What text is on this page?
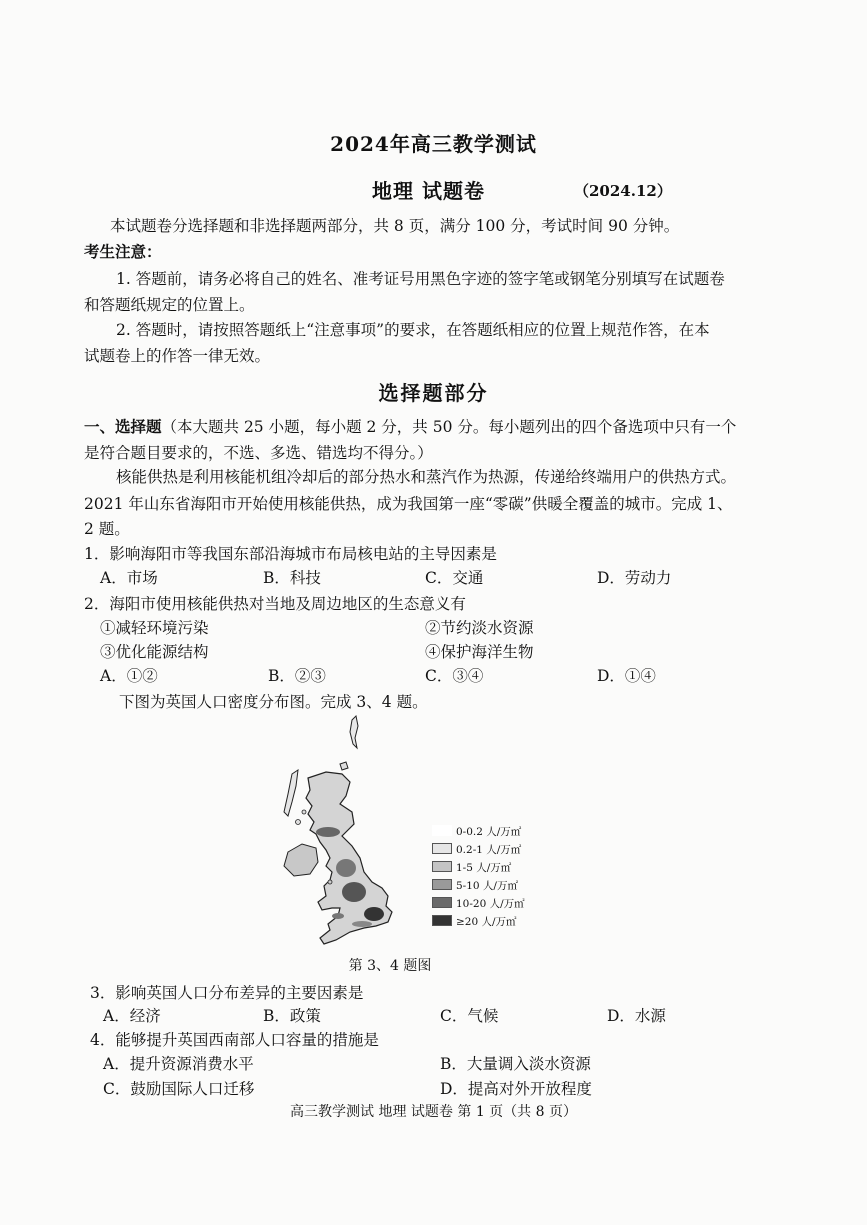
2024年高三教学测试
地理 试题卷	（2024.12）
本试题卷分选择题和非选择题两部分，共 8 页，满分 100 分，考试时间 90 分钟。
考生注意：
1. 答题前，请务必将自己的姓名、准考证号用黑色字迹的签字笔或钢笔分别填写在试题卷
和答题纸规定的位置上。
2. 答题时，请按照答题纸上“注意事项”的要求，在答题纸相应的位置上规范作答，在本
试题卷上的作答一律无效。
选择题部分
一、选择题（本大题共 25 小题，每小题 2 分，共 50 分。每小题列出的四个备选项中只有一个
是符合题目要求的，不选、多选、错选均不得分。）
核能供热是利用核能机组冷却后的部分热水和蒸汽作为热源，传递给终端用户的供热方式。
2021 年山东省海阳市开始使用核能供热，成为我国第一座“零碳”供暖全覆盖的城市。完成 1、
2 题。
1．影响海阳市等我国东部沿海城市布局核电站的主导因素是
A．市场	B．科技	C．交通	D．劳动力
2．海阳市使用核能供热对当地及周边地区的生态意义有
①减轻环境污染	②节约淡水资源
③优化能源结构	④保护海洋生物
A．①②	B．②③	C．③④	D．①④
下图为英国人口密度分布图。完成 3、4 题。
0-0.2 人/万㎡
0.2-1 人/万㎡
1-5 人/万㎡
5-10 人/万㎡
10-20 人/万㎡
≥20 人/万㎡
第 3、4 题图
3．影响英国人口分布差异的主要因素是
A．经济	B．政策	C．气候	D．水源
4．能够提升英国西南部人口容量的措施是
A．提升资源消费水平	B．大量调入淡水资源
C．鼓励国际人口迁移	D．提高对外开放程度
高三教学测试 地理 试题卷 第 1 页（共 8 页）
